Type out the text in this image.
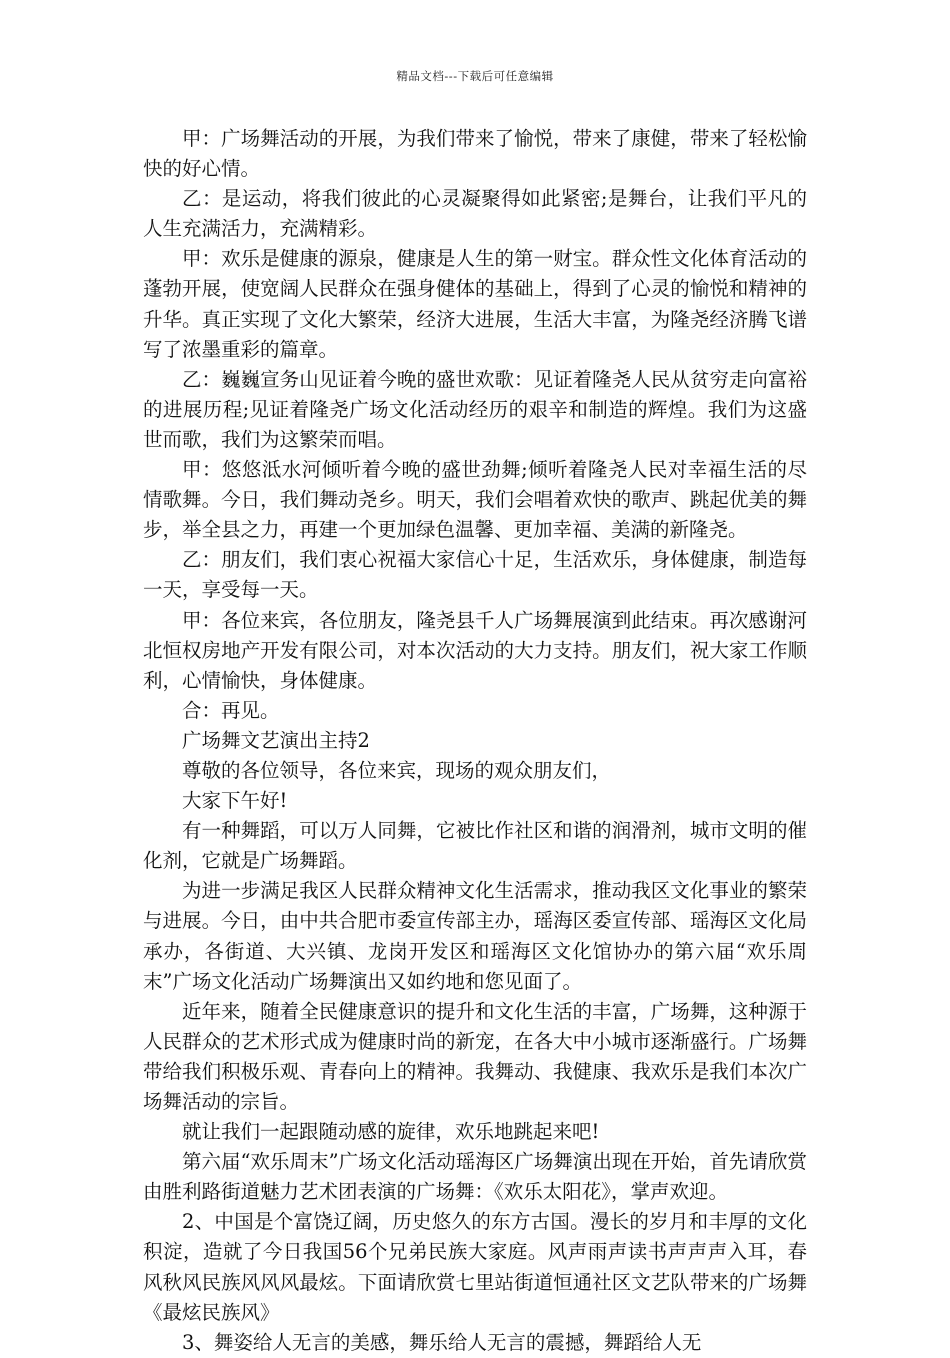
精品文档---下载后可任意编辑

甲：广场舞活动的开展，为我们带来了愉悦，带来了康健，带来了轻松愉快的好心情。

乙：是运动，将我们彼此的心灵凝聚得如此紧密;是舞台，让我们平凡的人生充满活力，充满精彩。

甲：欢乐是健康的源泉，健康是人生的第一财宝。群众性文化体育活动的蓬勃开展，使宽阔人民群众在强身健体的基础上，得到了心灵的愉悦和精神的升华。真正实现了文化大繁荣，经济大进展，生活大丰富，为隆尧经济腾飞谱写了浓墨重彩的篇章。

乙：巍巍宣务山见证着今晚的盛世欢歌：见证着隆尧人民从贫穷走向富裕的进展历程;见证着隆尧广场文化活动经历的艰辛和制造的辉煌。我们为这盛世而歌，我们为这繁荣而唱。

甲：悠悠泜水河倾听着今晚的盛世劲舞;倾听着隆尧人民对幸福生活的尽情歌舞。今日，我们舞动尧乡。明天，我们会唱着欢快的歌声、跳起优美的舞步，举全县之力，再建一个更加绿色温馨、更加幸福、美满的新隆尧。

乙：朋友们，我们衷心祝福大家信心十足，生活欢乐，身体健康，制造每一天，享受每一天。

甲：各位来宾，各位朋友，隆尧县千人广场舞展演到此结束。再次感谢河北恒权房地产开发有限公司，对本次活动的大力支持。朋友们，祝大家工作顺利，心情愉快，身体健康。

合：再见。

广场舞文艺演出主持2

尊敬的各位领导，各位来宾，现场的观众朋友们，

大家下午好!

有一种舞蹈，可以万人同舞，它被比作社区和谐的润滑剂，城市文明的催化剂，它就是广场舞蹈。

为进一步满足我区人民群众精神文化生活需求，推动我区文化事业的繁荣与进展。今日，由中共合肥市委宣传部主办，瑶海区委宣传部、瑶海区文化局承办，各街道、大兴镇、龙岗开发区和瑶海区文化馆协办的第六届“欢乐周末”广场文化活动广场舞演出又如约地和您见面了。

近年来，随着全民健康意识的提升和文化生活的丰富，广场舞，这种源于人民群众的艺术形式成为健康时尚的新宠，在各大中小城市逐渐盛行。广场舞带给我们积极乐观、青春向上的精神。我舞动、我健康、我欢乐是我们本次广场舞活动的宗旨。

就让我们一起跟随动感的旋律，欢乐地跳起来吧!

第六届“欢乐周末”广场文化活动瑶海区广场舞演出现在开始，首先请欣赏由胜利路街道魅力艺术团表演的广场舞：《欢乐太阳花》，掌声欢迎。

2、中国是个富饶辽阔，历史悠久的东方古国。漫长的岁月和丰厚的文化积淀，造就了今日我国56个兄弟民族大家庭。风声雨声读书声声声入耳，春风秋风民族风风风最炫。下面请欣赏七里站街道恒通社区文艺队带来的广场舞《最炫民族风》

3、舞姿给人无言的美感，舞乐给人无言的震撼，舞蹈给人无
